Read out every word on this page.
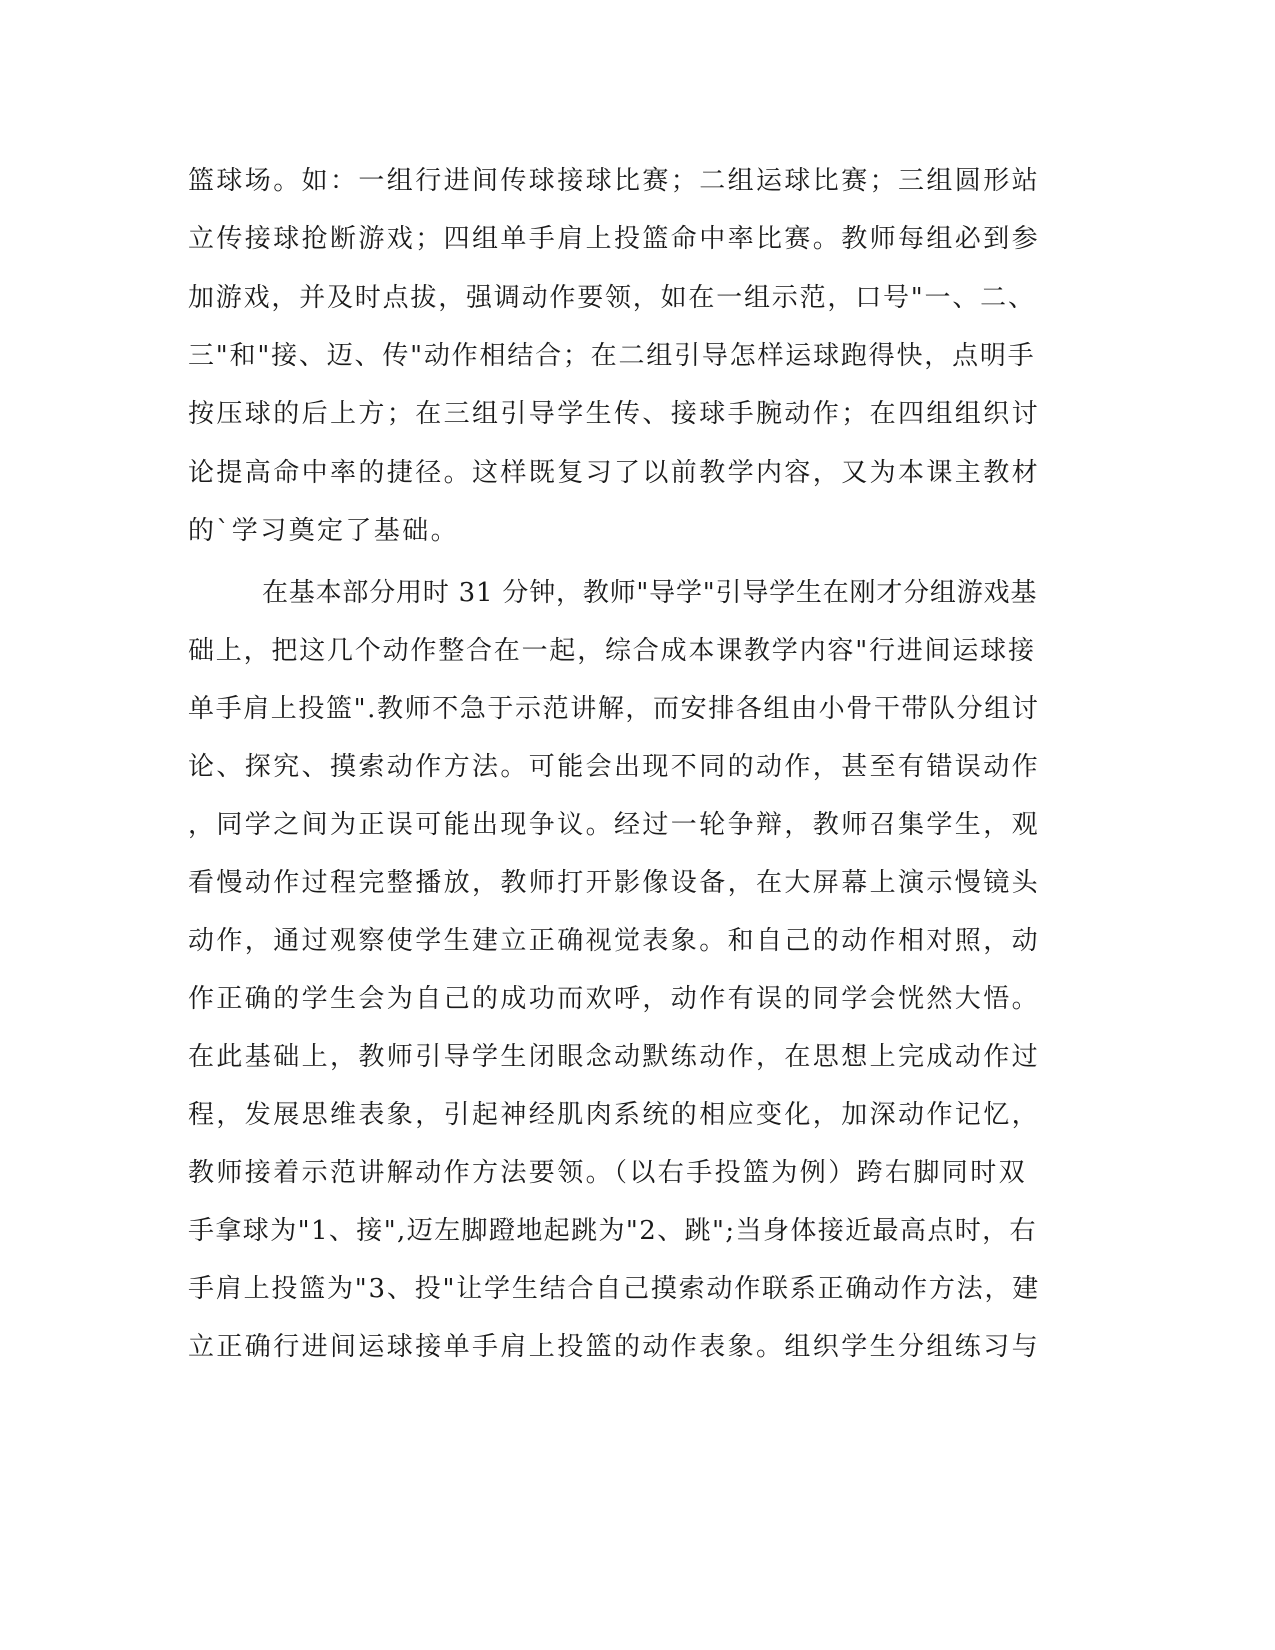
篮球场。如：一组行进间传球接球比赛；二组运球比赛；三组圆形站
立传接球抢断游戏；四组单手肩上投篮命中率比赛。教师每组必到参
加游戏，并及时点拔，强调动作要领，如在一组示范，口号"一、二、
三"和"接、迈、传"动作相结合；在二组引导怎样运球跑得快，点明手
按压球的后上方；在三组引导学生传、接球手腕动作；在四组组织讨
论提高命中率的捷径。这样既复习了以前教学内容，又为本课主教材
的`学习奠定了基础。
在基本部分用时 31 分钟，教师"导学"引导学生在刚才分组游戏基
础上，把这几个动作整合在一起，综合成本课教学内容"行进间运球接
单手肩上投篮".教师不急于示范讲解，而安排各组由小骨干带队分组讨
论、探究、摸索动作方法。可能会出现不同的动作，甚至有错误动作
，同学之间为正误可能出现争议。经过一轮争辩，教师召集学生，观
看慢动作过程完整播放，教师打开影像设备，在大屏幕上演示慢镜头
动作，通过观察使学生建立正确视觉表象。和自己的动作相对照，动
作正确的学生会为自己的成功而欢呼，动作有误的同学会恍然大悟。
在此基础上，教师引导学生闭眼念动默练动作，在思想上完成动作过
程，发展思维表象，引起神经肌肉系统的相应变化，加深动作记忆，
教师接着示范讲解动作方法要领。（以右手投篮为例）跨右脚同时双
手拿球为"1、接",迈左脚蹬地起跳为"2、跳";当身体接近最高点时，右
手肩上投篮为"3、投"让学生结合自己摸索动作联系正确动作方法，建
立正确行进间运球接单手肩上投篮的动作表象。组织学生分组练习与
